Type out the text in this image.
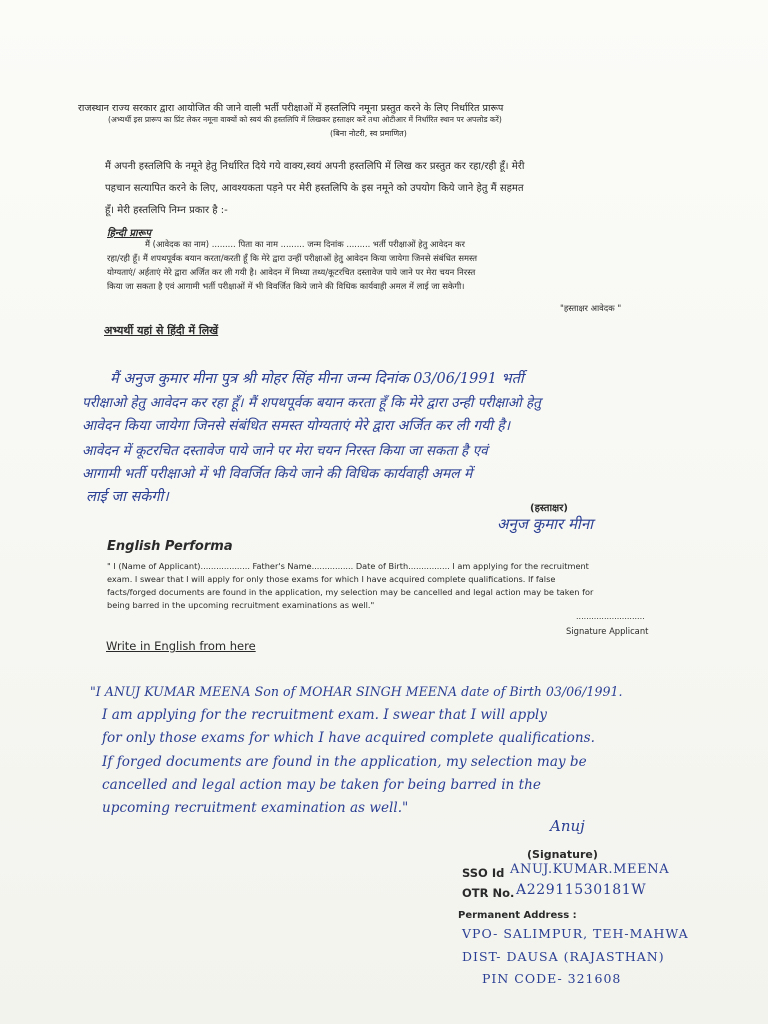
राजस्थान राज्य सरकार द्वारा आयोजित की जाने वाली भर्ती परीक्षाओं में हस्तलिपि नमूना प्रस्तुत करने के लिए निर्धारित प्रारूप
(अभ्यर्थी इस प्रारूप का प्रिंट लेकर नमूना वाक्यों को स्वयं की हस्तलिपि में लिखकर हस्ताक्षर करें तथा ओटीआर में निर्धारित स्थान पर अपलोड करें)
(बिना नोटरी, स्व प्रमाणित)
मैं अपनी हस्तलिपि के नमूने हेतु निर्धारित दिये गये वाक्य,स्वयं अपनी हस्तलिपि में लिख कर प्रस्तुत कर रहा/रही हूँ। मेरी
पहचान सत्यापित करने के लिए, आवश्यकता पड़ने पर मेरी हस्तलिपि के इस नमूने को उपयोग किये जाने हेतु मैं सहमत
हूँ। मेरी हस्तलिपि निम्न प्रकार है :-
हिन्दी प्रारूप
मैं (आवेदक का नाम) ......... पिता का नाम ......... जन्म दिनांक ......... भर्ती परीक्षाओं हेतु आवेदन कर
रहा/रही हूँ। मैं शपथपूर्वक बयान करता/करती हूँ कि मेरे द्वारा उन्हीं परीक्षाओं हेतु आवेदन किया जायेगा जिनसे संबंधित समस्त
योग्यताएं/ अर्हताएं मेरे द्वारा अर्जित कर ली गयी है। आवेदन में मिथ्या तथ्य/कूटरचित दस्तावेज पाये जाने पर मेरा चयन निरस्त
किया जा सकता है एवं आगामी भर्ती परीक्षाओं में भी विवर्जित किये जाने की विधिक कार्यवाही अमल में लाई जा सकेगी।
"हस्ताक्षर आवेदक "
अभ्यर्थी यहां से हिंदी में लिखें
मैं अनुज कुमार मीना पुत्र श्री मोहर सिंह मीना जन्म दिनांक 03/06/1991 भर्ती
परीक्षाओ हेतु आवेदन कर रहा हूँ। मैं शपथपूर्वक बयान करता हूँ कि मेरे द्वारा उन्ही परीक्षाओ हेतु
आवेदन किया जायेगा जिनसे संबंधित समस्त योग्यताएं मेरे द्वारा अर्जित कर ली गयी है।
आवेदन में कूटरचित दस्तावेज पाये जाने पर मेरा चयन निरस्त किया जा सकता है एवं
आगामी भर्ती परीक्षाओ में भी विवर्जित किये जाने की विधिक कार्यवाही अमल में
लाई जा सकेगी।
(हस्ताक्षर)
अनुज कुमार मीना
English Performa
" I (Name of Applicant)................... Father's Name................ Date of Birth................ I am applying for the recruitment
exam. I swear that I will apply for only those exams for which I have acquired complete qualifications. If false
facts/forged documents are found in the application, my selection may be cancelled and legal action may be taken for
being barred in the upcoming recruitment examinations as well."
...........................
Signature Applicant
Write in English from here
"I ANUJ KUMAR MEENA Son of MOHAR SINGH MEENA date of Birth 03/06/1991.
I am applying for the recruitment exam. I swear that I will apply
for only those exams for which I have acquired complete qualifications.
If forged documents are found in the application, my selection may be
cancelled and legal action may be taken for being barred in the
upcoming recruitment examination as well."
Anuj
(Signature)
SSO Id ANUJ.KUMAR.MEENA
OTR No. A22911530181W
Permanent Address :
VPO- SALIMPUR, TEH-MAHWA
DIST- DAUSA (RAJASTHAN)
PIN CODE- 321608
